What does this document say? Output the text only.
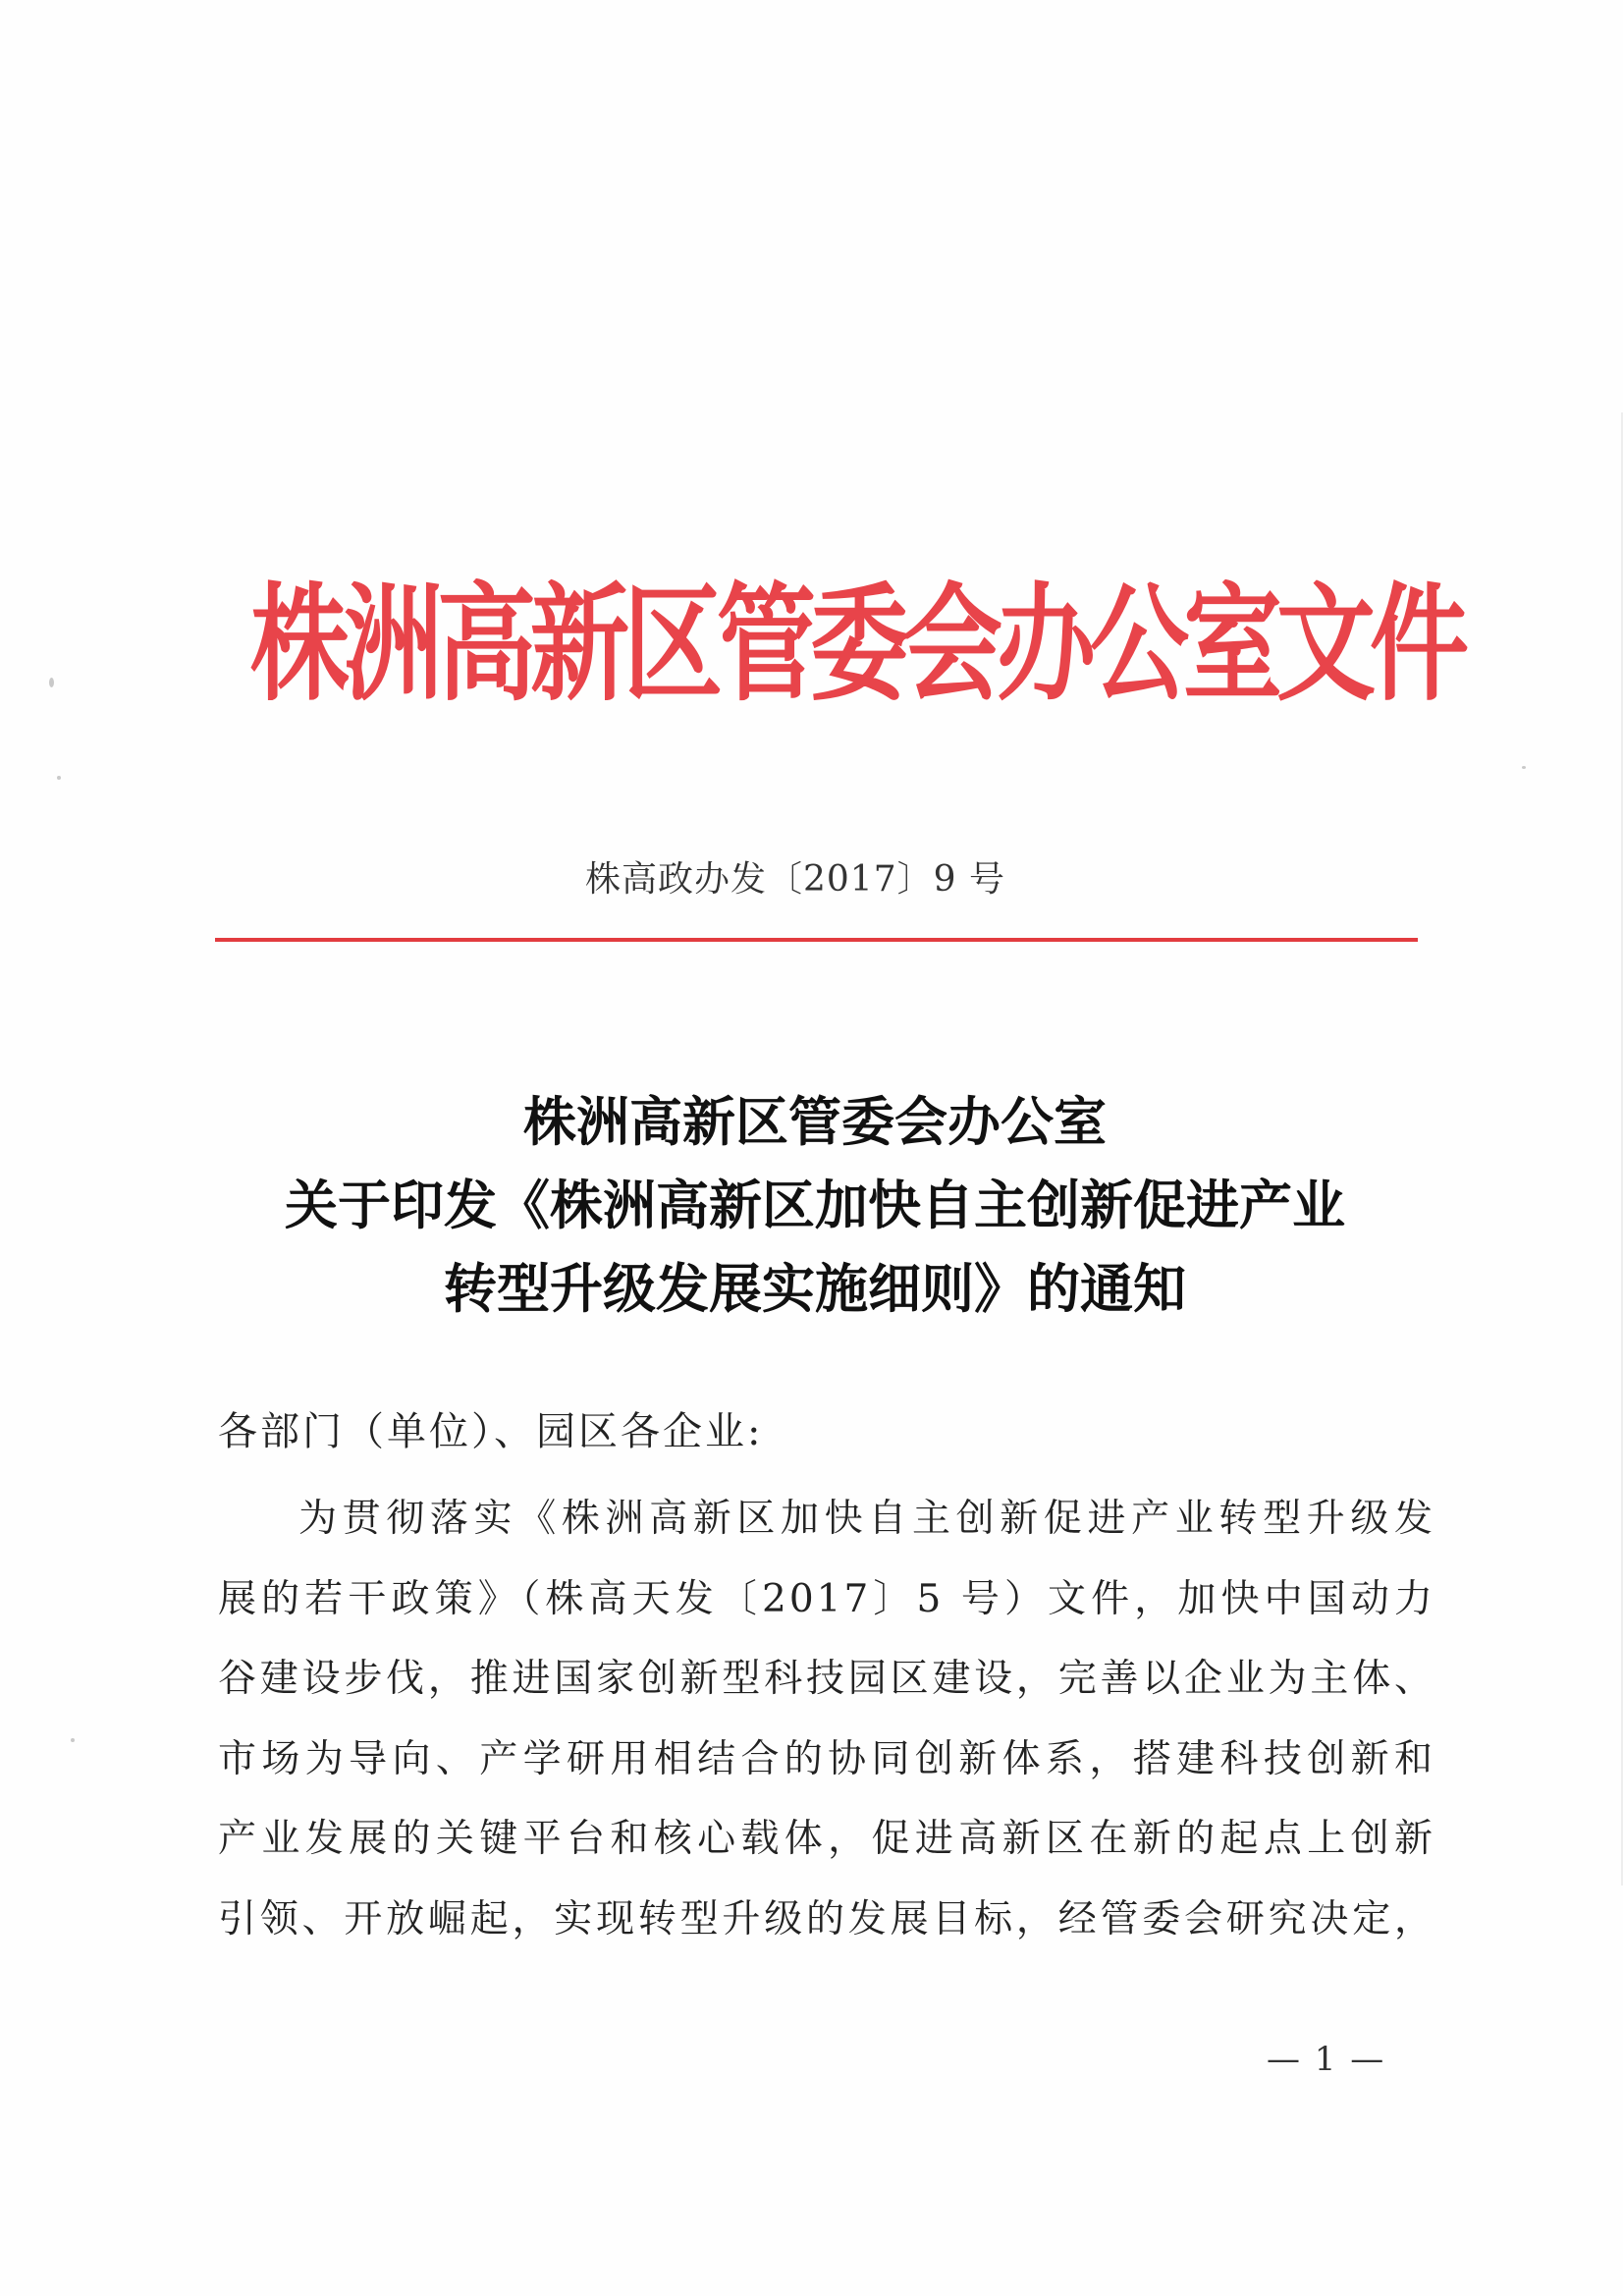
株洲高新区管委会办公室文件
株高政办发〔2017〕9 号
株洲高新区管委会办公室
关于印发《株洲高新区加快自主创新促进产业
转型升级发展实施细则》的通知
各部门（单位）、园区各企业:
为贯彻落实《株洲高新区加快自主创新促进产业转型升级发
展的若干政策》（株高天发〔2017〕5 号）文件，加快中国动力
谷建设步伐，推进国家创新型科技园区建设，完善以企业为主体、
市场为导向、产学研用相结合的协同创新体系，搭建科技创新和
产业发展的关键平台和核心载体，促进高新区在新的起点上创新
引领、开放崛起，实现转型升级的发展目标，经管委会研究决定，
— 1 —
